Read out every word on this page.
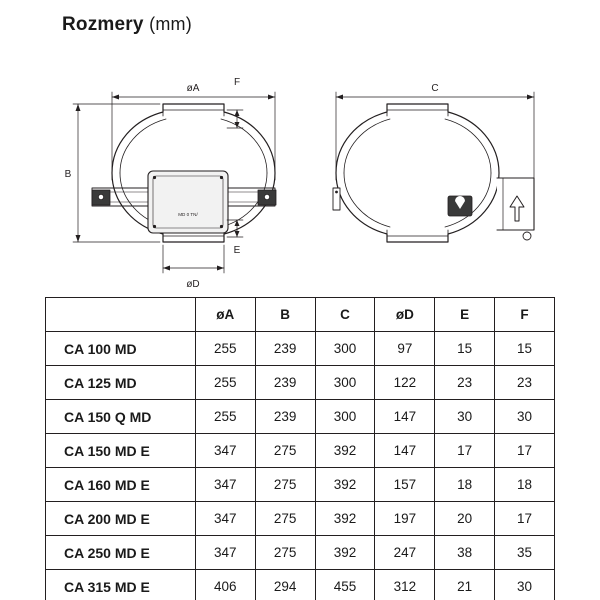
Rozmery (mm)
MD 0 TN/
øA
B
øD
F
E
C
	øA	B	C	øD	E	F
CA 100 MD	255	239	300	97	15	15
CA 125 MD	255	239	300	122	23	23
CA 150 Q MD	255	239	300	147	30	30
CA 150 MD E	347	275	392	147	17	17
CA 160 MD E	347	275	392	157	18	18
CA 200 MD E	347	275	392	197	20	17
CA 250 MD E	347	275	392	247	38	35
CA 315 MD E	406	294	455	312	21	30
